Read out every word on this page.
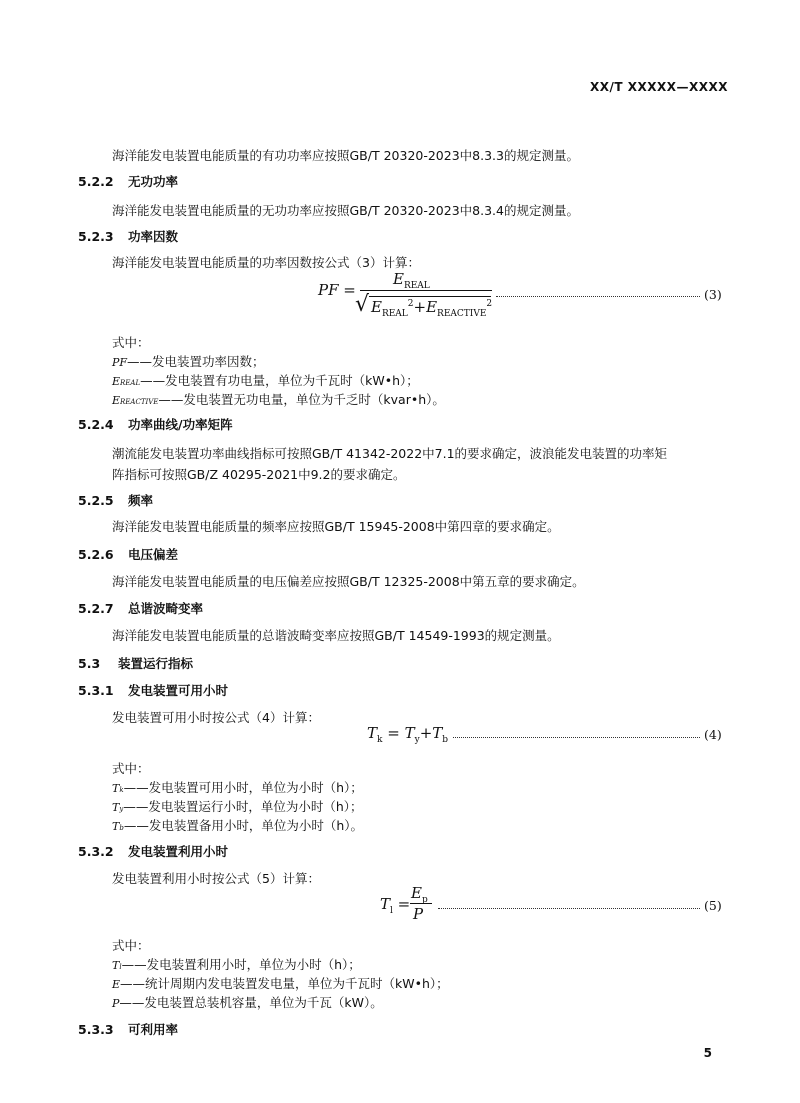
XX/T XXXXX—XXXX
海洋能发电装置电能质量的有功功率应按照GB/T 20320-2023中8.3.3的规定测量。
5.2.2 无功功率
海洋能发电装置电能质量的无功功率应按照GB/T 20320-2023中8.3.4的规定测量。
5.2.3 功率因数
海洋能发电装置电能质量的功率因数按公式（3）计算：
PF =
$E_{REAL}$
√ $E_{REAL}^2+E_{REACTIVE}^2$
(3)
式中：
PF——发电装置功率因数；
EREAL——发电装置有功电量，单位为千瓦时（kW•h）；
EREACTIVE——发电装置无功电量，单位为千乏时（kvar•h）。
5.2.4 功率曲线/功率矩阵
潮流能发电装置功率曲线指标可按照GB/T 41342-2022中7.1的要求确定，波浪能发电装置的功率矩
阵指标可按照GB/Z 40295-2021中9.2的要求确定。
5.2.5 频率
海洋能发电装置电能质量的频率应按照GB/T 15945-2008中第四章的要求确定。
5.2.6 电压偏差
海洋能发电装置电能质量的电压偏差应按照GB/T 12325-2008中第五章的要求确定。
5.2.7 总谐波畸变率
海洋能发电装置电能质量的总谐波畸变率应按照GB/T 14549-1993的规定测量。
5.3 装置运行指标
5.3.1 发电装置可用小时
发电装置可用小时按公式（4）计算：
$T_k = T_y+T_b$	(4)
式中：
Tk——发电装置可用小时，单位为小时（h）；
Ty——发电装置运行小时，单位为小时（h）；
Tb——发电装置备用小时，单位为小时（h）。
5.3.2 发电装置利用小时
发电装置利用小时按公式（5）计算：
$T_l$ =
$E_p$
P	(5)
式中：
Tl——发电装置利用小时，单位为小时（h）；
E——统计周期内发电装置发电量，单位为千瓦时（kW•h）；
P——发电装置总装机容量，单位为千瓦（kW）。
5.3.3 可利用率
5
